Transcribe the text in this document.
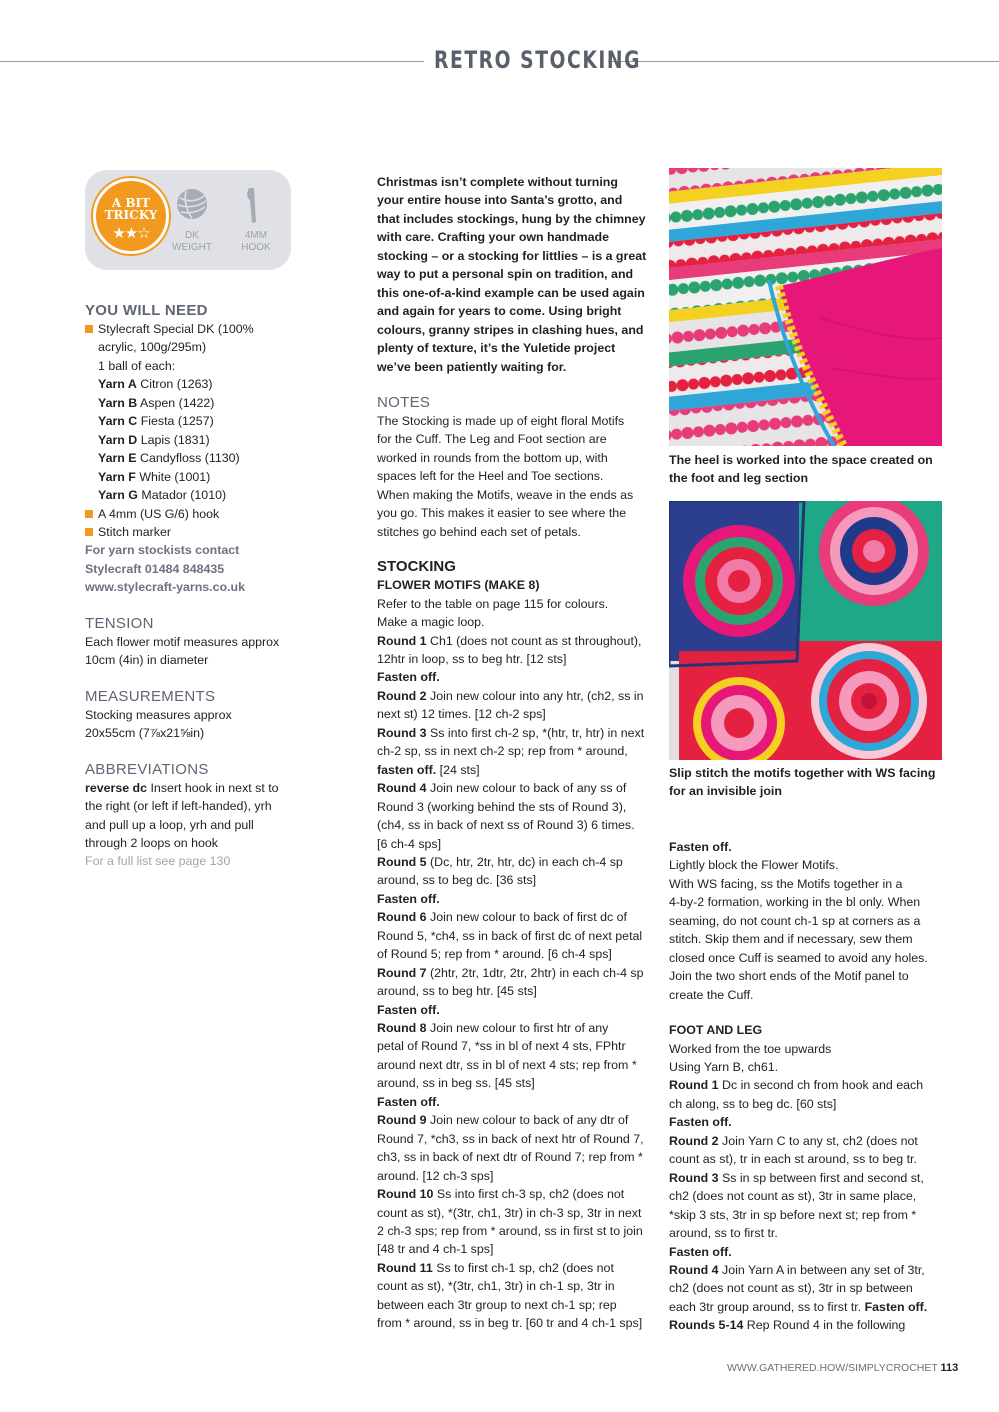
RETRO STOCKING
A BIT
TRICKY
★★☆	DK
WEIGHT
4MM
HOOK

YOU WILL NEED

Stylecraft Special DK (100%

acrylic, 100g/295m)

1 ball of each:

Yarn A Citron (1263)

Yarn B Aspen (1422)

Yarn C Fiesta (1257)

Yarn D Lapis (1831)

Yarn E Candyfloss (1130)

Yarn F White (1001)

Yarn G Matador (1010)

A 4mm (US G/6) hook

Stitch marker

For yarn stockists contact

Stylecraft 01484 848435

www.stylecraft-yarns.co.uk

TENSION

Each flower motif measures approx

10cm (4in) in diameter

MEASUREMENTS

Stocking measures approx

20x55cm (7⅞x21⅝in)

ABBREVIATIONS

reverse dc Insert hook in next st to

the right (or left if left-handed), yrh

and pull up a loop, yrh and pull

through 2 loops on hook

For a full list see page 130

Christmas isn’t complete without turning

your entire house into Santa’s grotto, and

that includes stockings, hung by the chimney

with care. Crafting your own handmade

stocking – or a stocking for littlies – is a great

way to put a personal spin on tradition, and

this one-of-a-kind example can be used again

and again for years to come. Using bright

colours, granny stripes in clashing hues, and

plenty of texture, it’s the Yuletide project

we’ve been patiently waiting for.

NOTES

The Stocking is made up of eight floral Motifs

for the Cuff. The Leg and Foot section are

worked in rounds from the bottom up, with

spaces left for the Heel and Toe sections.

When making the Motifs, weave in the ends as

you go. This makes it easier to see where the

stitches go behind each set of petals.

STOCKING

FLOWER MOTIFS (MAKE 8)

Refer to the table on page 115 for colours.

Make a magic loop.

Round 1 Ch1 (does not count as st throughout),

12htr in loop, ss to beg htr. [12 sts]

Fasten off.

Round 2 Join new colour into any htr, (ch2, ss in

next st) 12 times. [12 ch-2 sps]

Round 3 Ss into first ch-2 sp, *(htr, tr, htr) in next

ch-2 sp, ss in next ch-2 sp; rep from * around,

fasten off. [24 sts]

Round 4 Join new colour to back of any ss of

Round 3 (working behind the sts of Round 3),

(ch4, ss in back of next ss of Round 3) 6 times.

[6 ch-4 sps]

Round 5 (Dc, htr, 2tr, htr, dc) in each ch-4 sp

around, ss to beg dc. [36 sts]

Fasten off.

Round 6 Join new colour to back of first dc of

Round 5, *ch4, ss in back of first dc of next petal

of Round 5; rep from * around. [6 ch-4 sps]

Round 7 (2htr, 2tr, 1dtr, 2tr, 2htr) in each ch-4 sp

around, ss to beg htr. [45 sts]

Fasten off.

Round 8 Join new colour to first htr of any

petal of Round 7, *ss in bl of next 4 sts, FPhtr

around next dtr, ss in bl of next 4 sts; rep from *

around, ss in beg ss. [45 sts]

Fasten off.

Round 9 Join new colour to back of any dtr of

Round 7, *ch3, ss in back of next htr of Round 7,

ch3, ss in back of next dtr of Round 7; rep from *

around. [12 ch-3 sps]

Round 10 Ss into first ch-3 sp, ch2 (does not

count as st), *(3tr, ch1, 3tr) in ch-3 sp, 3tr in next

2 ch-3 sps; rep from * around, ss in first st to join

[48 tr and 4 ch-1 sps]

Round 11 Ss to first ch-1 sp, ch2 (does not

count as st), *(3tr, ch1, 3tr) in ch-1 sp, 3tr in

between each 3tr group to next ch-1 sp; rep

from * around, ss in beg tr. [60 tr and 4 ch-1 sps]

The heel is worked into the space created on

the foot and leg section

Slip stitch the motifs together with WS facing

for an invisible join

Fasten off.

Lightly block the Flower Motifs.

With WS facing, ss the Motifs together in a

4-by-2 formation, working in the bl only. When

seaming, do not count ch-1 sp at corners as a

stitch. Skip them and if necessary, sew them

closed once Cuff is seamed to avoid any holes.

Join the two short ends of the Motif panel to

create the Cuff.

FOOT AND LEG

Worked from the toe upwards

Using Yarn B, ch61.

Round 1 Dc in second ch from hook and each

ch along, ss to beg dc. [60 sts]

Fasten off.

Round 2 Join Yarn C to any st, ch2 (does not

count as st), tr in each st around, ss to beg tr.

Round 3 Ss in sp between first and second st,

ch2 (does not count as st), 3tr in same place,

*skip 3 sts, 3tr in sp before next st; rep from *

around, ss to first tr.

Fasten off.

Round 4 Join Yarn A in between any set of 3tr,

ch2 (does not count as st), 3tr in sp between

each 3tr group around, ss to first tr. Fasten off.

Rounds 5-14 Rep Round 4 in the following

WWW.GATHERED.HOW/SIMPLYCROCHET 113
